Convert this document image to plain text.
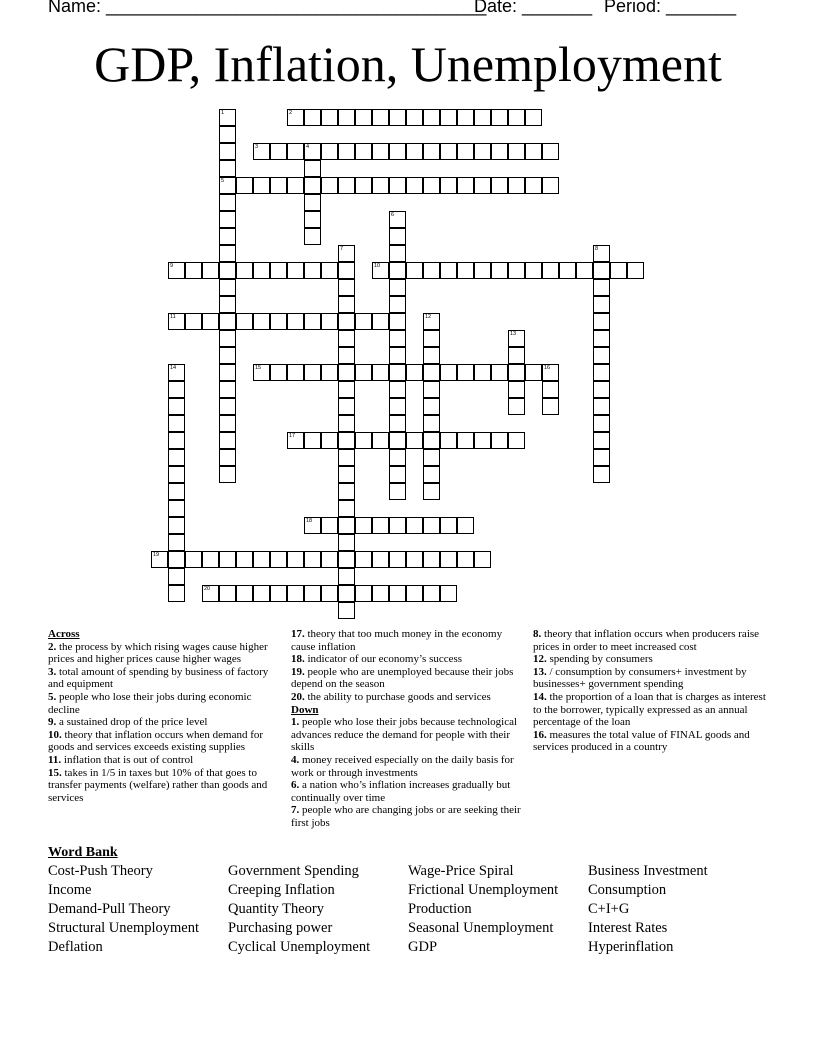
Name: ______________________________________
Date: _______ Period: _______
GDP, Inflation, Unemployment
2
1
5
3	4
6
7	8
9	10
11	12
13
14	15	16
17
18
19
20
Across
2. the process by which rising wages cause higher prices and higher prices cause higher wages
3. total amount of spending by business of factory and equipment
5. people who lose their jobs during economic decline
9. a sustained drop of the price level
10. theory that inflation occurs when demand for goods and services exceeds existing supplies
11. inflation that is out of control
15. takes in 1/5 in taxes but 10% of that goes to transfer payments (welfare) rather than goods and services
17. theory that too much money in the economy cause inflation
18. indicator of our economy’s success
19. people who are unemployed because their jobs depend on the season
20. the ability to purchase goods and services
Down
1. people who lose their jobs because technological advances reduce the demand for people with their skills
4. money received especially on the daily basis for work or through investments
6. a nation who’s inflation increases gradually but continually over time
7. people who are changing jobs or are seeking their first jobs
8. theory that inflation occurs when producers raise prices in order to meet increased cost
12. spending by consumers
13. / consumption by consumers+ investment by businesses+ government spending
14. the proportion of a loan that is charges as interest to the borrower, typically expressed as an annual percentage of the loan
16. measures the total value of FINAL goods and services produced in a country
Word Bank
Cost-Push Theory
Income
Demand-Pull Theory
Structural Unemployment
Deflation
Government Spending
Creeping Inflation
Quantity Theory
Purchasing power
Cyclical Unemployment
Wage-Price Spiral
Frictional Unemployment
Production
Seasonal Unemployment
GDP
Business Investment
Consumption
C+I+G
Interest Rates
Hyperinflation
